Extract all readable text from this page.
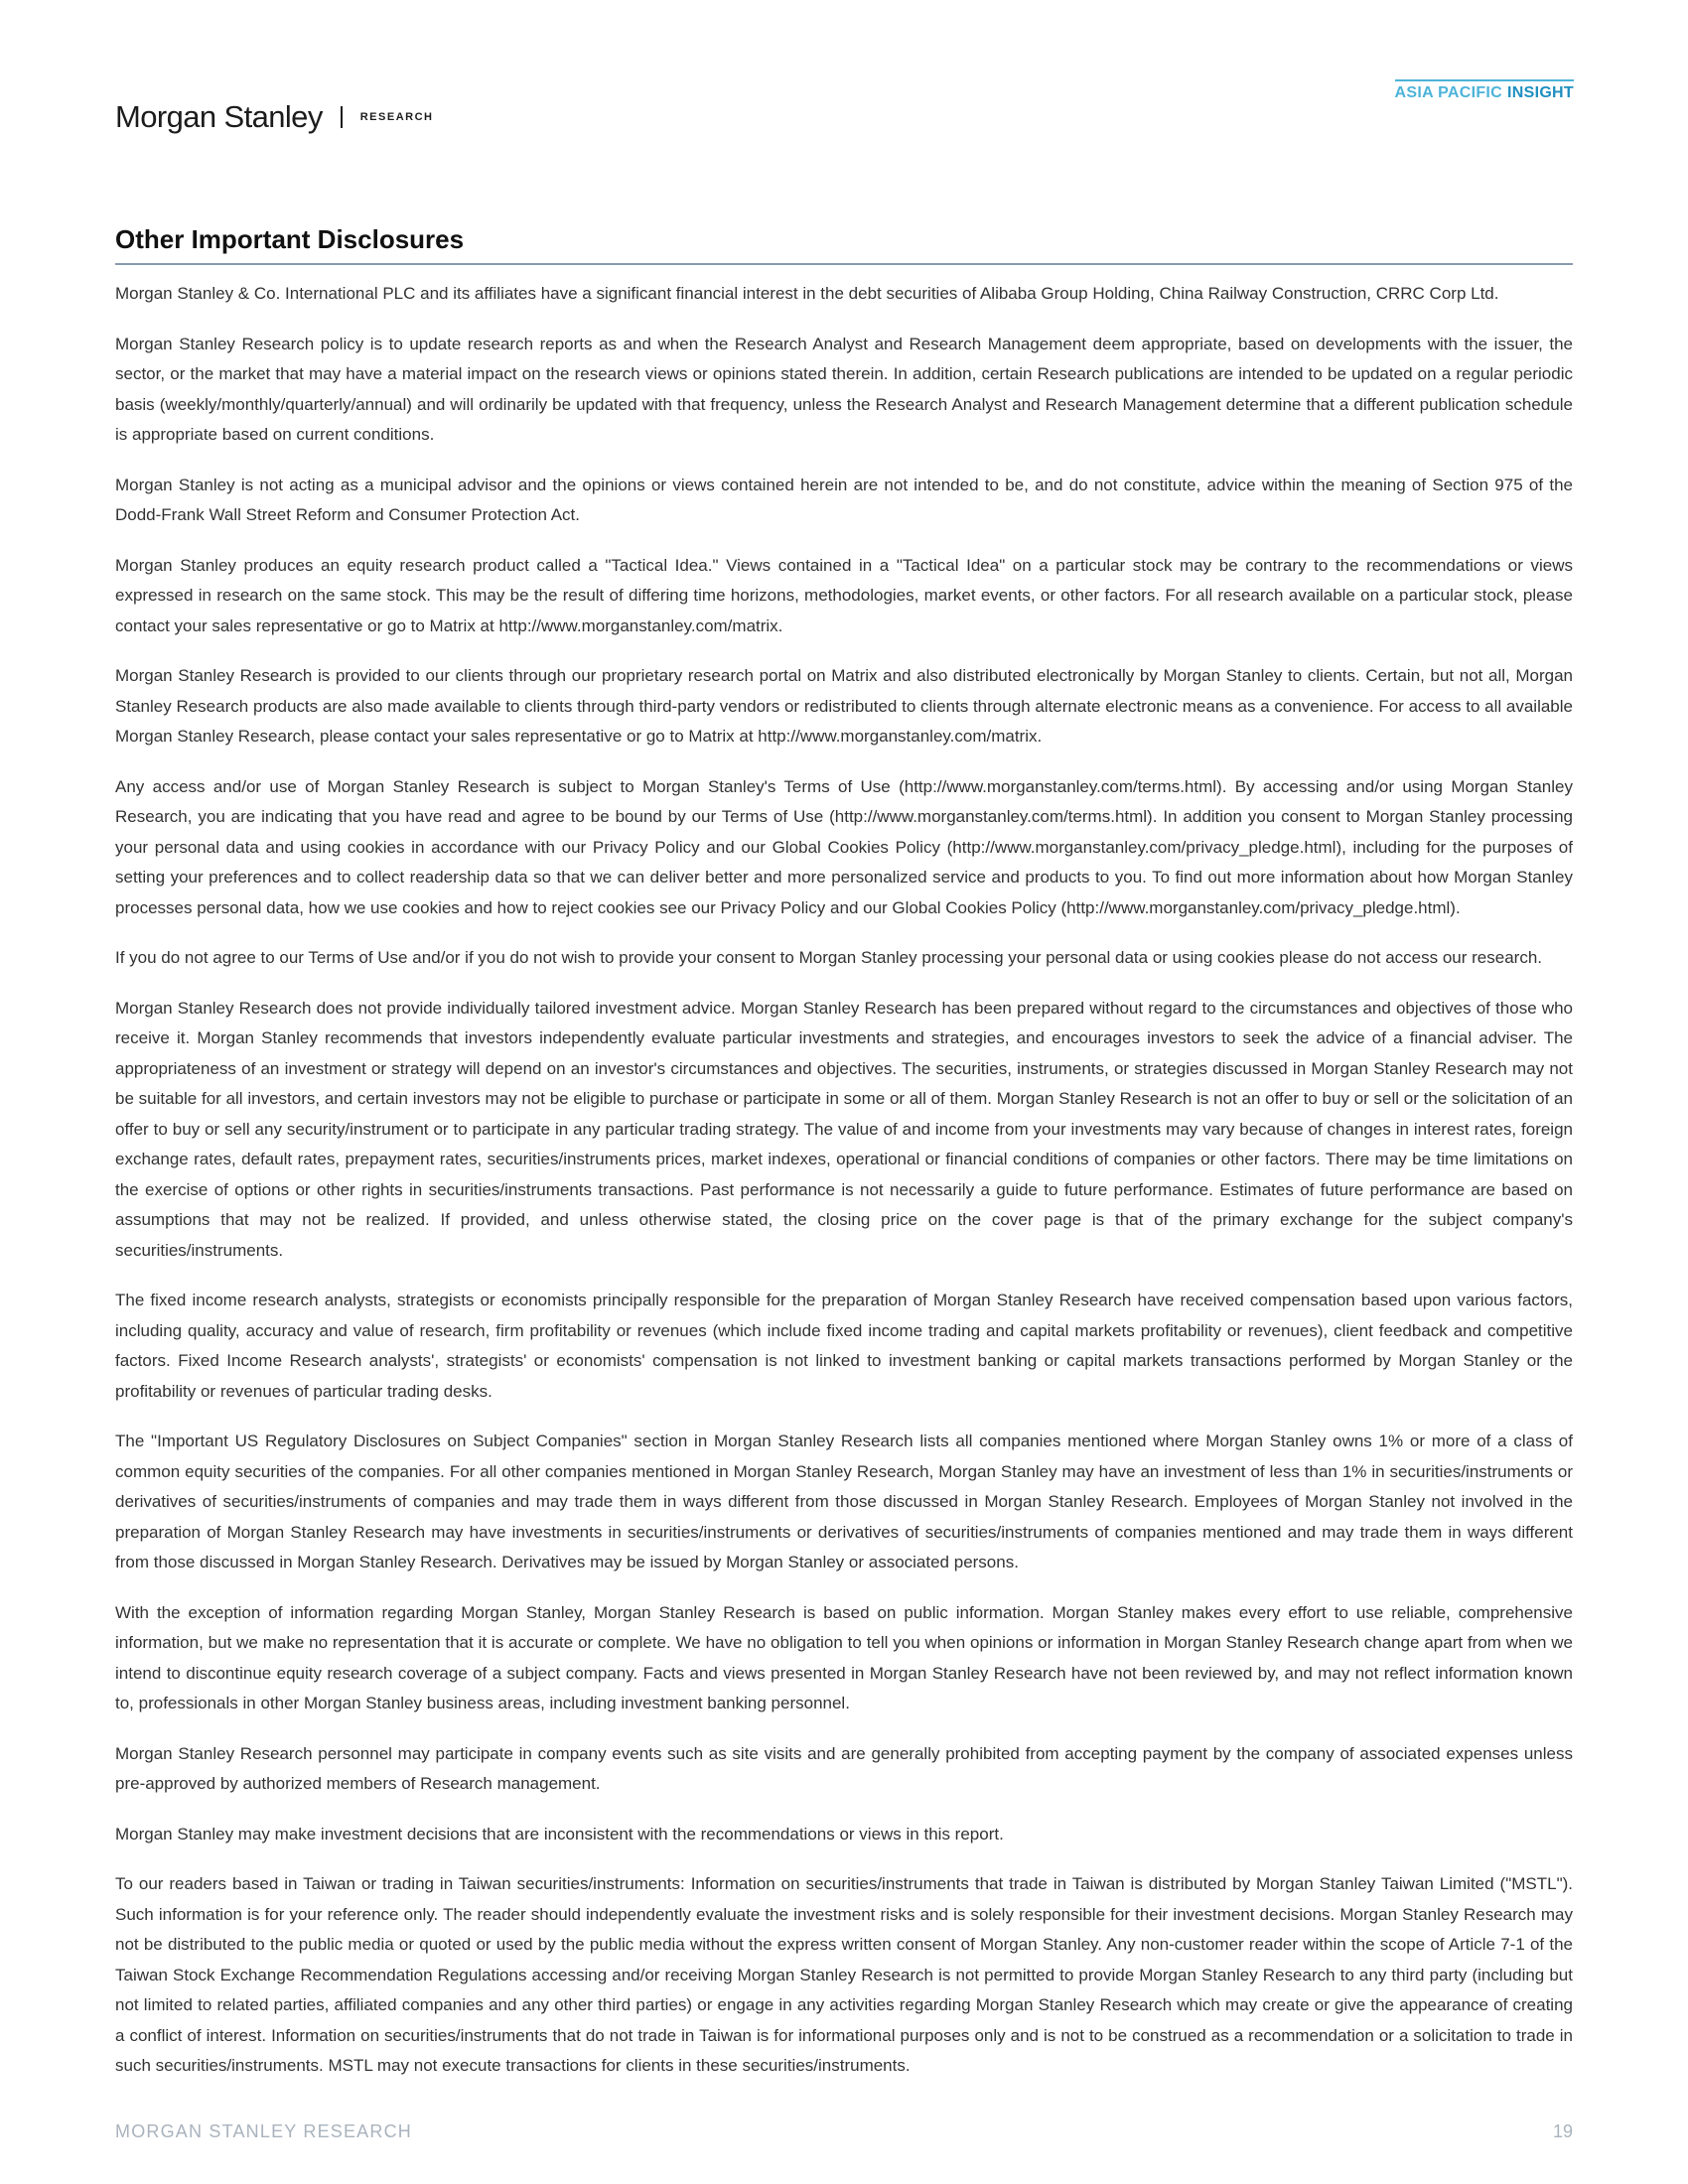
ASIA PACIFIC INSIGHT
Morgan Stanley	RESEARCH
Other Important Disclosures

Morgan Stanley & Co. International PLC and its affiliates have a significant financial interest in the debt securities of Alibaba Group Holding, China Railway Construction, CRRC Corp Ltd.

Morgan Stanley Research policy is to update research reports as and when the Research Analyst and Research Management deem appropriate, based on developments with the issuer, the sector, or the market that may have a material impact on the research views or opinions stated therein. In addition, certain Research publications are intended to be updated on a regular periodic basis (weekly/monthly/quarterly/annual) and will ordinarily be updated with that frequency, unless the Research Analyst and Research Management determine that a different publication schedule is appropriate based on current conditions.

Morgan Stanley is not acting as a municipal advisor and the opinions or views contained herein are not intended to be, and do not constitute, advice within the meaning of Section 975 of the Dodd-Frank Wall Street Reform and Consumer Protection Act.

Morgan Stanley produces an equity research product called a "Tactical Idea." Views contained in a "Tactical Idea" on a particular stock may be contrary to the recommendations or views expressed in research on the same stock. This may be the result of differing time horizons, methodologies, market events, or other factors. For all research available on a particular stock, please contact your sales representative or go to Matrix at http://www.morganstanley.com/matrix.

Morgan Stanley Research is provided to our clients through our proprietary research portal on Matrix and also distributed electronically by Morgan Stanley to clients. Certain, but not all, Morgan Stanley Research products are also made available to clients through third-party vendors or redistributed to clients through alternate electronic means as a convenience. For access to all available Morgan Stanley Research, please contact your sales representative or go to Matrix at http://www.morganstanley.com/matrix.

Any access and/or use of Morgan Stanley Research is subject to Morgan Stanley's Terms of Use (http://www.morganstanley.com/terms.html). By accessing and/or using Morgan Stanley Research, you are indicating that you have read and agree to be bound by our Terms of Use (http://www.morganstanley.com/terms.html). In addition you consent to Morgan Stanley processing your personal data and using cookies in accordance with our Privacy Policy and our Global Cookies Policy (http://www.morganstanley.com/privacy_pledge.html), including for the purposes of setting your preferences and to collect readership data so that we can deliver better and more personalized service and products to you. To find out more information about how Morgan Stanley processes personal data, how we use cookies and how to reject cookies see our Privacy Policy and our Global Cookies Policy (http://www.morganstanley.com/privacy_pledge.html).

If you do not agree to our Terms of Use and/or if you do not wish to provide your consent to Morgan Stanley processing your personal data or using cookies please do not access our research.

Morgan Stanley Research does not provide individually tailored investment advice. Morgan Stanley Research has been prepared without regard to the circumstances and objectives of those who receive it. Morgan Stanley recommends that investors independently evaluate particular investments and strategies, and encourages investors to seek the advice of a financial adviser. The appropriateness of an investment or strategy will depend on an investor's circumstances and objectives. The securities, instruments, or strategies discussed in Morgan Stanley Research may not be suitable for all investors, and certain investors may not be eligible to purchase or participate in some or all of them. Morgan Stanley Research is not an offer to buy or sell or the solicitation of an offer to buy or sell any security/instrument or to participate in any particular trading strategy. The value of and income from your investments may vary because of changes in interest rates, foreign exchange rates, default rates, prepayment rates, securities/instruments prices, market indexes, operational or financial conditions of companies or other factors. There may be time limitations on the exercise of options or other rights in securities/instruments transactions. Past performance is not necessarily a guide to future performance. Estimates of future performance are based on assumptions that may not be realized. If provided, and unless otherwise stated, the closing price on the cover page is that of the primary exchange for the subject company's securities/instruments.

The fixed income research analysts, strategists or economists principally responsible for the preparation of Morgan Stanley Research have received compensation based upon various factors, including quality, accuracy and value of research, firm profitability or revenues (which include fixed income trading and capital markets profitability or revenues), client feedback and competitive factors. Fixed Income Research analysts', strategists' or economists' compensation is not linked to investment banking or capital markets transactions performed by Morgan Stanley or the profitability or revenues of particular trading desks.

The "Important US Regulatory Disclosures on Subject Companies" section in Morgan Stanley Research lists all companies mentioned where Morgan Stanley owns 1% or more of a class of common equity securities of the companies. For all other companies mentioned in Morgan Stanley Research, Morgan Stanley may have an investment of less than 1% in securities/instruments or derivatives of securities/instruments of companies and may trade them in ways different from those discussed in Morgan Stanley Research. Employees of Morgan Stanley not involved in the preparation of Morgan Stanley Research may have investments in securities/instruments or derivatives of securities/instruments of companies mentioned and may trade them in ways different from those discussed in Morgan Stanley Research. Derivatives may be issued by Morgan Stanley or associated persons.

With the exception of information regarding Morgan Stanley, Morgan Stanley Research is based on public information. Morgan Stanley makes every effort to use reliable, comprehensive information, but we make no representation that it is accurate or complete. We have no obligation to tell you when opinions or information in Morgan Stanley Research change apart from when we intend to discontinue equity research coverage of a subject company. Facts and views presented in Morgan Stanley Research have not been reviewed by, and may not reflect information known to, professionals in other Morgan Stanley business areas, including investment banking personnel.

Morgan Stanley Research personnel may participate in company events such as site visits and are generally prohibited from accepting payment by the company of associated expenses unless pre-approved by authorized members of Research management.

Morgan Stanley may make investment decisions that are inconsistent with the recommendations or views in this report.

To our readers based in Taiwan or trading in Taiwan securities/instruments: Information on securities/instruments that trade in Taiwan is distributed by Morgan Stanley Taiwan Limited ("MSTL"). Such information is for your reference only. The reader should independently evaluate the investment risks and is solely responsible for their investment decisions. Morgan Stanley Research may not be distributed to the public media or quoted or used by the public media without the express written consent of Morgan Stanley. Any non-customer reader within the scope of Article 7-1 of the Taiwan Stock Exchange Recommendation Regulations accessing and/or receiving Morgan Stanley Research is not permitted to provide Morgan Stanley Research to any third party (including but not limited to related parties, affiliated companies and any other third parties) or engage in any activities regarding Morgan Stanley Research which may create or give the appearance of creating a conflict of interest. Information on securities/instruments that do not trade in Taiwan is for informational purposes only and is not to be construed as a recommendation or a solicitation to trade in such securities/instruments. MSTL may not execute transactions for clients in these securities/instruments.

MORGAN STANLEY RESEARCH	19
